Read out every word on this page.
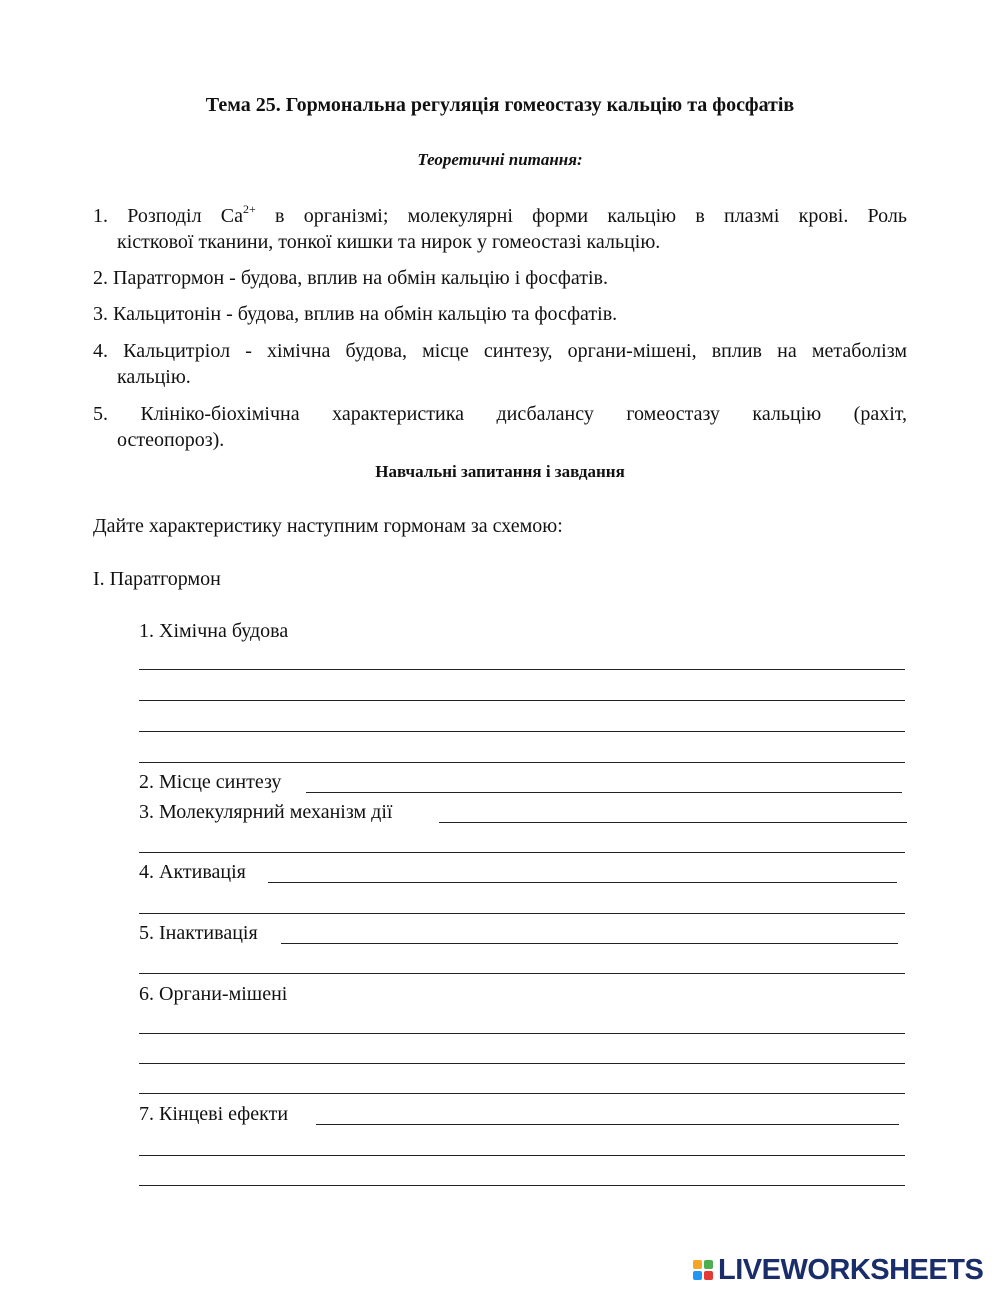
Тема 25. Гормональна регуляція гомеостазу кальцію та фосфатів
Теоретичні питання:
1. Розподіл $Ca^{2+}$ в організмі; молекулярні форми кальцію в плазмі крові. Роль
кісткової тканини, тонкої кишки та нирок у гомеостазі кальцію.
2. Паратгормон - будова, вплив на обмін кальцію і фосфатів.
3. Кальцитонін - будова, вплив на обмін кальцію та фосфатів.
4. Кальцитріол - хімічна будова, місце синтезу, органи-мішені, вплив на метаболізм
кальцію.
5. Клініко-біохімічна характеристика дисбалансу гомеостазу кальцію (рахіт,
остеопороз).
Навчальні запитання і завдання
Дайте характеристику наступним гормонам за схемою:
I. Паратгормон
1. Хімічна будова
2. Місце синтезу
3. Молекулярний механізм дії
4. Активація
5. Інактивація
6. Органи-мішені
7. Кінцеві ефекти
LIVEWORKSHEETS
